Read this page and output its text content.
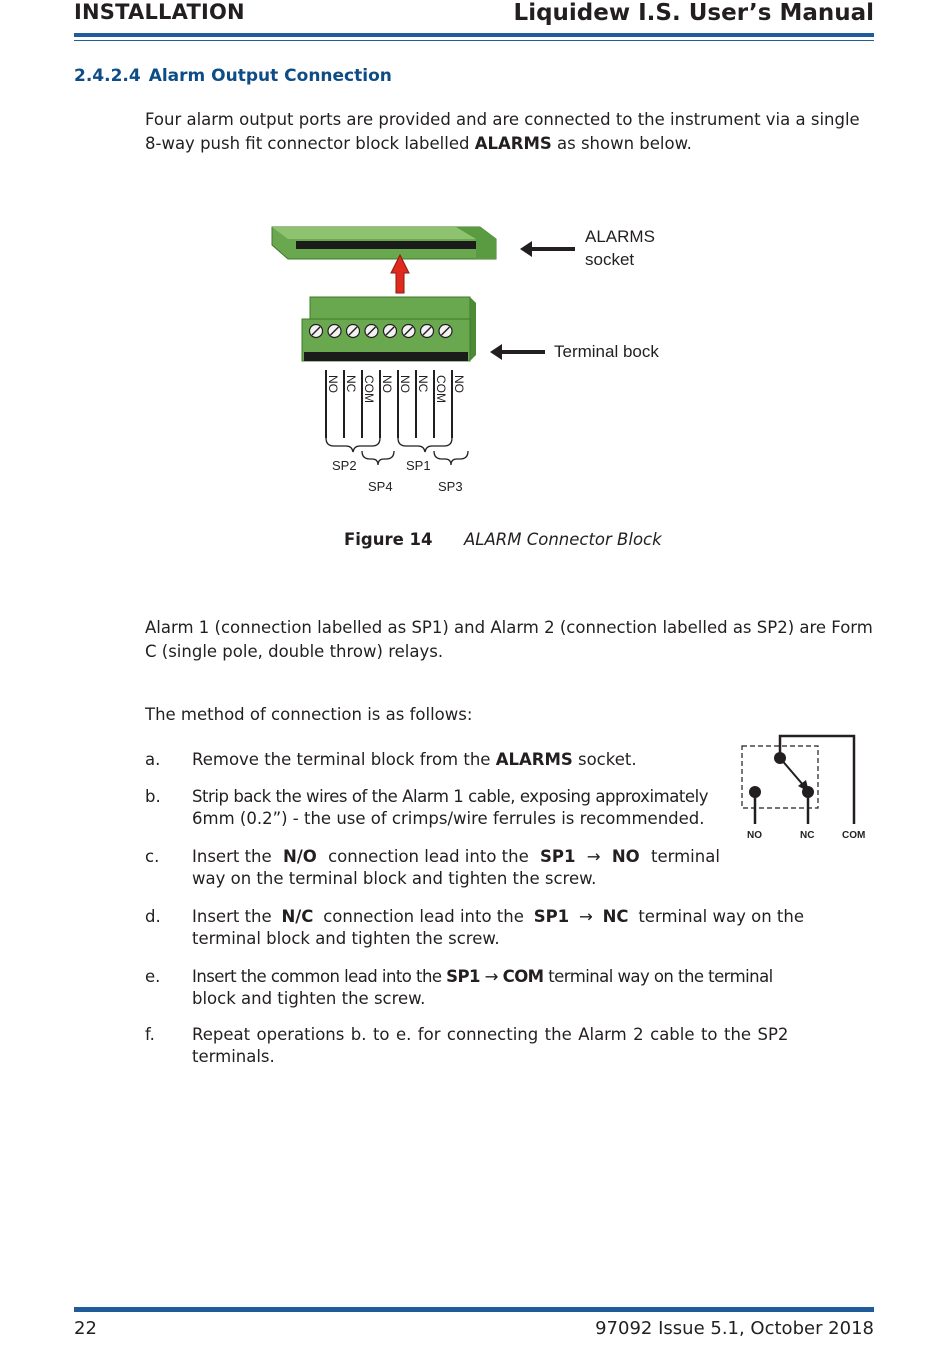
INSTALLATION	Liquidew I.S. User’s Manual
2.4.2.4 Alarm Output Connection
Four alarm output ports are provided and are connected to the instrument via a single
8-way push fit connector block labelled ALARMS as shown below.
ALARMS
socket
Terminal bock
NO NC COM NO NO NC COM NO
SP2	SP1
SP4	SP3
Figure 14 ALARM Connector Block
Alarm 1 (connection labelled as SP1) and Alarm 2 (connection labelled as SP2) are Form
C (single pole, double throw) relays.
The method of connection is as follows:
NO	NC	COM
a.	Remove the terminal block from the ALARMS socket.
b.	Strip back the wires of the Alarm 1 cable, exposing approximately
6mm (0.2”) - the use of crimps/wire ferrules is recommended.
c.	Insert the N/O connection lead into the SP1 → NO terminal
way on the terminal block and tighten the screw.
d.	Insert the N/C connection lead into the SP1 → NC terminal way on the
terminal block and tighten the screw.
e.	Insert the common lead into the SP1 → COM terminal way on the terminal
block and tighten the screw.
f.	Repeat operations b. to e. for connecting the Alarm 2 cable to the SP2
terminals.
22	97092 Issue 5.1, October 2018
